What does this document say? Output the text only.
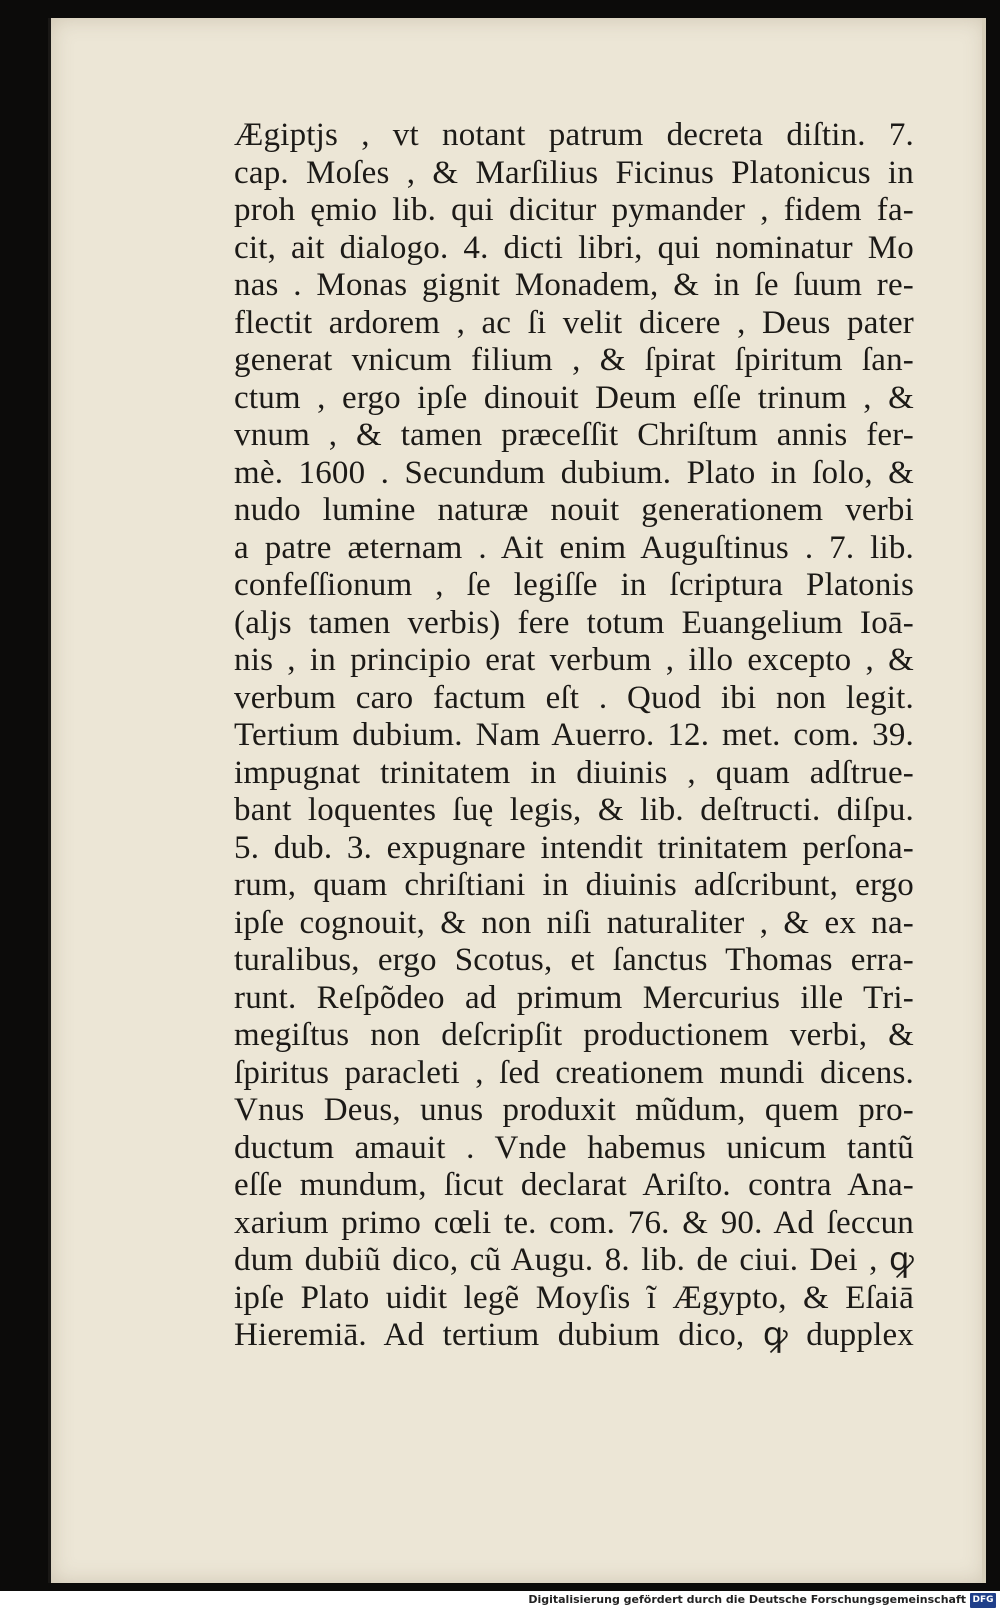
Ægiptjs , vt notant patrum decreta diſtin. 7.
cap. Moſes , & Marſilius Ficinus Platonicus in
proh ęmio lib. qui dicitur pymander , fidem fa-
cit, ait dialogo. 4. dicti libri, qui nominatur Mo
nas . Monas gignit Monadem, & in ſe ſuum re-
flectit ardorem , ac ſi velit dicere , Deus pater
generat vnicum filium , & ſpirat ſpiritum ſan-
ctum , ergo ipſe dinouit Deum eſſe trinum , &
vnum , & tamen præceſſit Chriſtum annis fer-
mè. 1600 . Secundum dubium. Plato in ſolo, &
nudo lumine naturæ nouit generationem verbi
a patre æternam . Ait enim Auguſtinus . 7. lib.
confeſſionum , ſe legiſſe in ſcriptura Platonis
(aljs tamen verbis) fere totum Euangelium Ioā-
nis , in principio erat verbum , illo excepto , &
verbum caro factum eſt . Quod ibi non legit.
Tertium dubium. Nam Auerro. 12. met. com. 39.
impugnat trinitatem in diuinis , quam adſtrue-
bant loquentes ſuę legis, & lib. deſtructi. diſpu.
5. dub. 3. expugnare intendit trinitatem perſona-
rum, quam chriſtiani in diuinis adſcribunt, ergo
ipſe cognouit, & non niſi naturaliter , & ex na-
turalibus, ergo Scotus, et ſanctus Thomas erra-
runt. Reſpõdeo ad primum Mercurius ille Tri-
megiſtus non deſcripſit productionem verbi, &
ſpiritus paracleti , ſed creationem mundi dicens.
Vnus Deus, unus produxit mũdum, quem pro-
ductum amauit . Vnde habemus unicum tantũ
eſſe mundum, ſicut declarat Ariſto. contra Ana-
xarium primo cœli te. com. 76. & 90. Ad ſeccun
dum dubiũ dico, cũ Augu. 8. lib. de ciui. Dei , ꝙ
ipſe Plato uidit legẽ Moyſis ĩ Ægypto, & Eſaiā
Hieremiā. Ad tertium dubium dico, ꝙ dupplex
Digitalisierung gefördert durch die Deutsche Forschungsgemeinschaft DFG
